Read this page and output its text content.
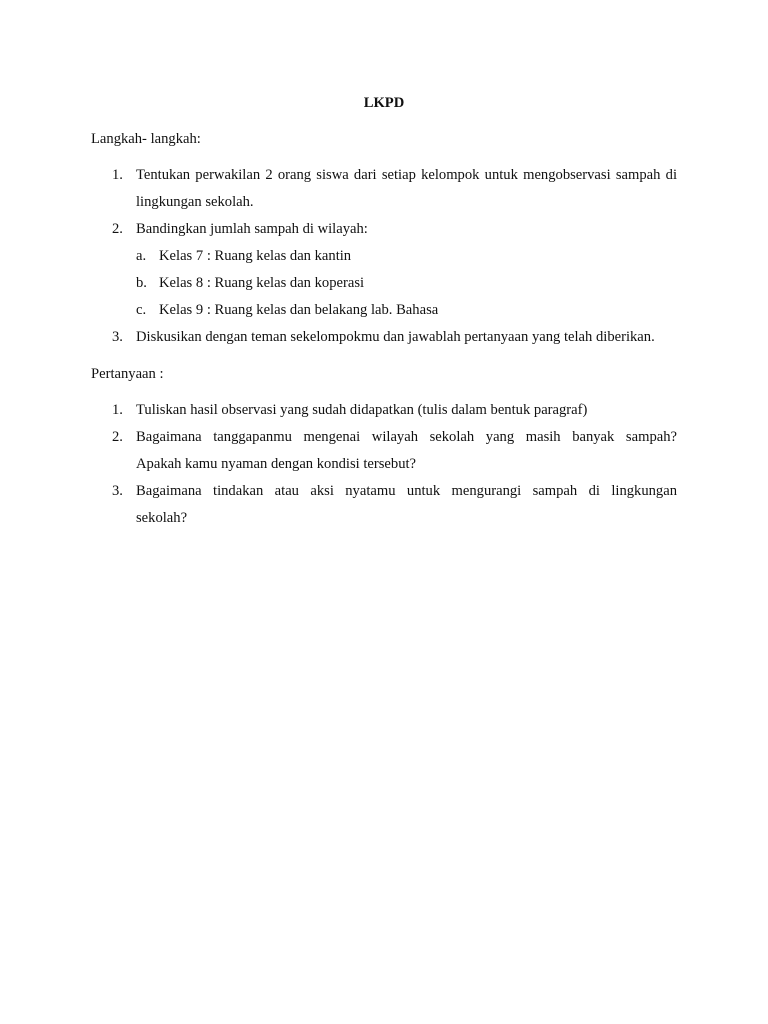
LKPD
Langkah- langkah:
1. Tentukan perwakilan 2 orang siswa dari setiap kelompok untuk mengobservasi sampah di
lingkungan sekolah.
2. Bandingkan jumlah sampah di wilayah:
a. Kelas 7 : Ruang kelas dan kantin
b. Kelas 8 : Ruang kelas dan koperasi
c. Kelas 9 : Ruang kelas dan belakang lab. Bahasa
3. Diskusikan dengan teman sekelompokmu dan jawablah pertanyaan yang telah diberikan.
Pertanyaan :
1. Tuliskan hasil observasi yang sudah didapatkan (tulis dalam bentuk paragraf)
2. Bagaimana tanggapanmu mengenai wilayah sekolah yang masih banyak sampah?
Apakah kamu nyaman dengan kondisi tersebut?
3. Bagaimana tindakan atau aksi nyatamu untuk mengurangi sampah di lingkungan
sekolah?
